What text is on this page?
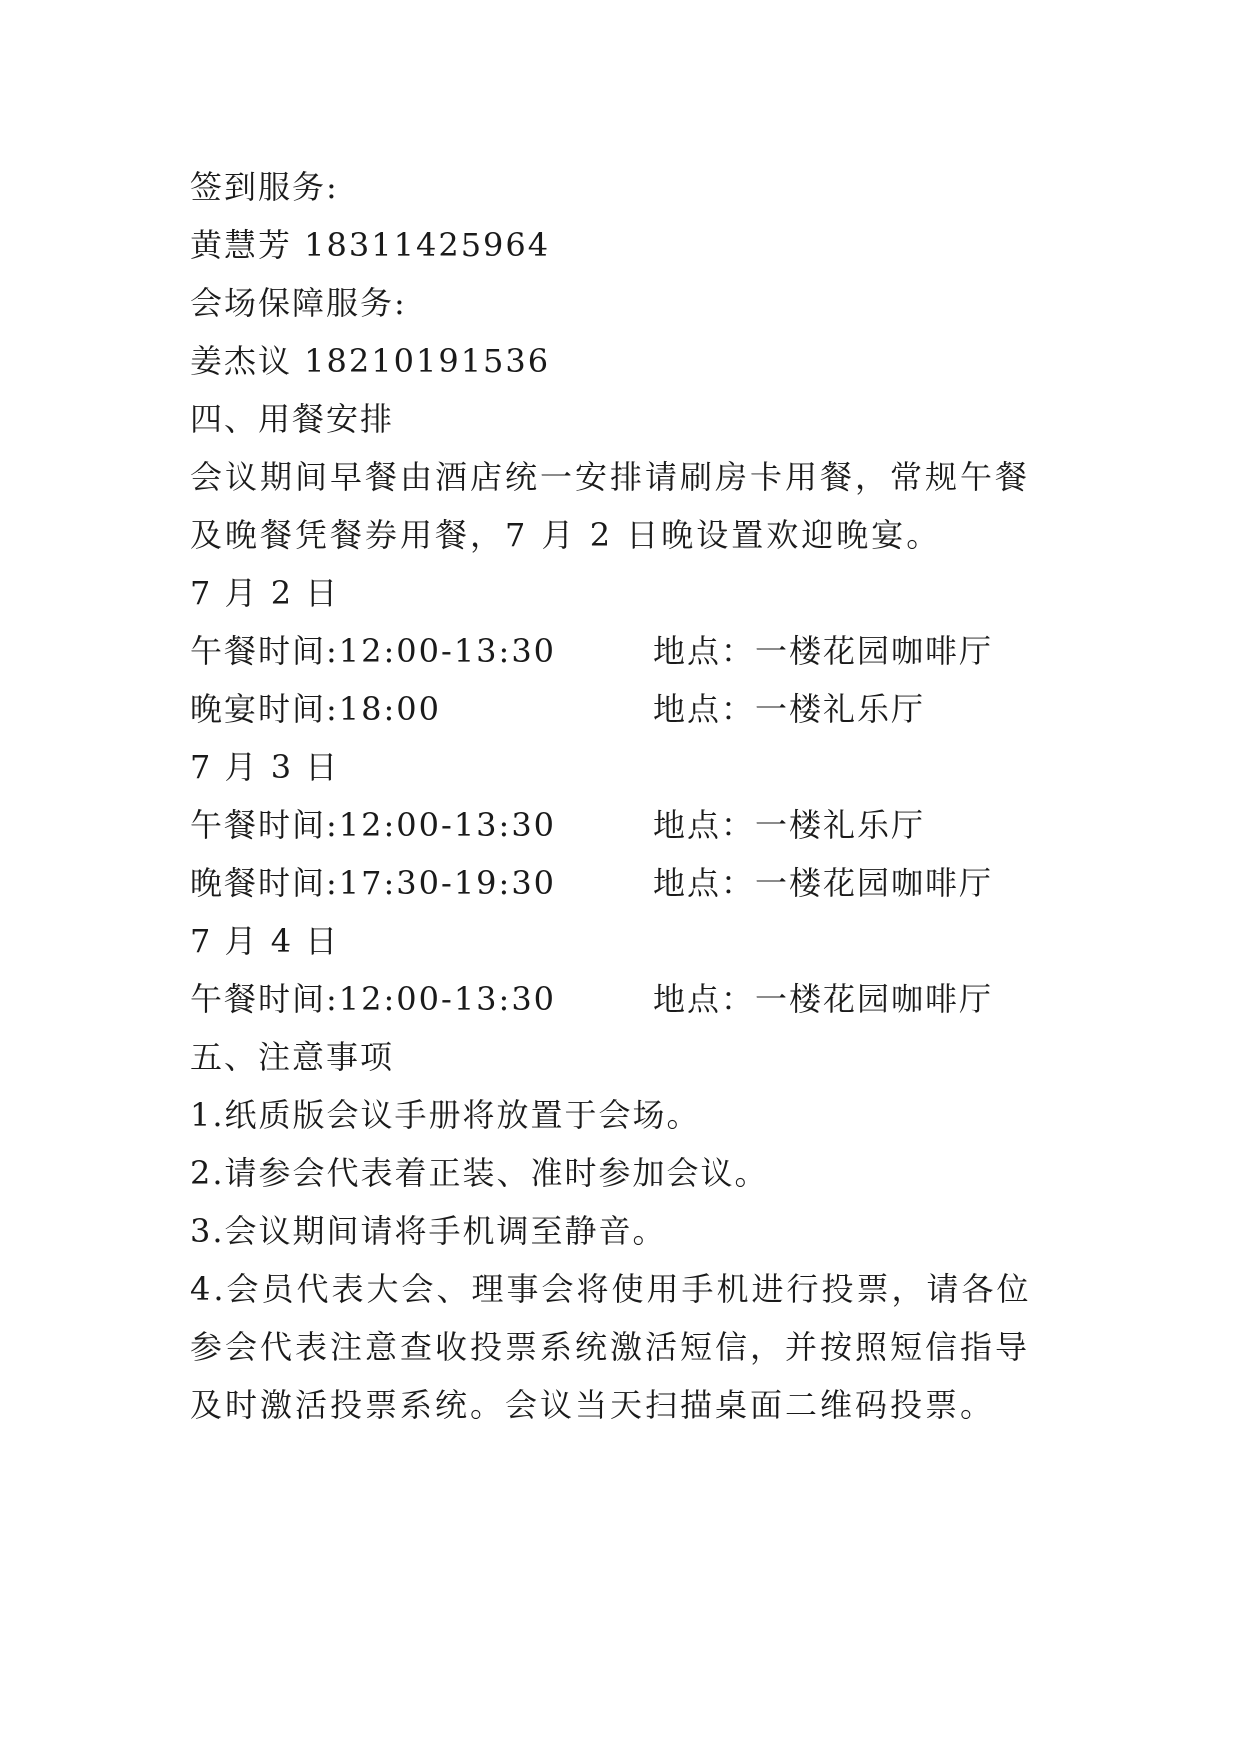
签到服务:
黄慧芳 18311425964
会场保障服务:
姜杰议 18210191536
四、用餐安排
会议期间早餐由酒店统一安排请刷房卡用餐，常规午餐及晚餐凭餐券用餐，7 月 2 日晚设置欢迎晚宴。
7 月 2 日
午餐时间:12:00-13:30	地点：一楼花园咖啡厅
晚宴时间:18:00	地点：一楼礼乐厅
7 月 3 日
午餐时间:12:00-13:30	地点：一楼礼乐厅
晚餐时间:17:30-19:30	地点：一楼花园咖啡厅
7 月 4 日
午餐时间:12:00-13:30	地点：一楼花园咖啡厅
五、注意事项
1.纸质版会议手册将放置于会场。
2.请参会代表着正装、准时参加会议。
3.会议期间请将手机调至静音。
4.会员代表大会、理事会将使用手机进行投票，请各位参会代表注意查收投票系统激活短信，并按照短信指导及时激活投票系统。会议当天扫描桌面二维码投票。
